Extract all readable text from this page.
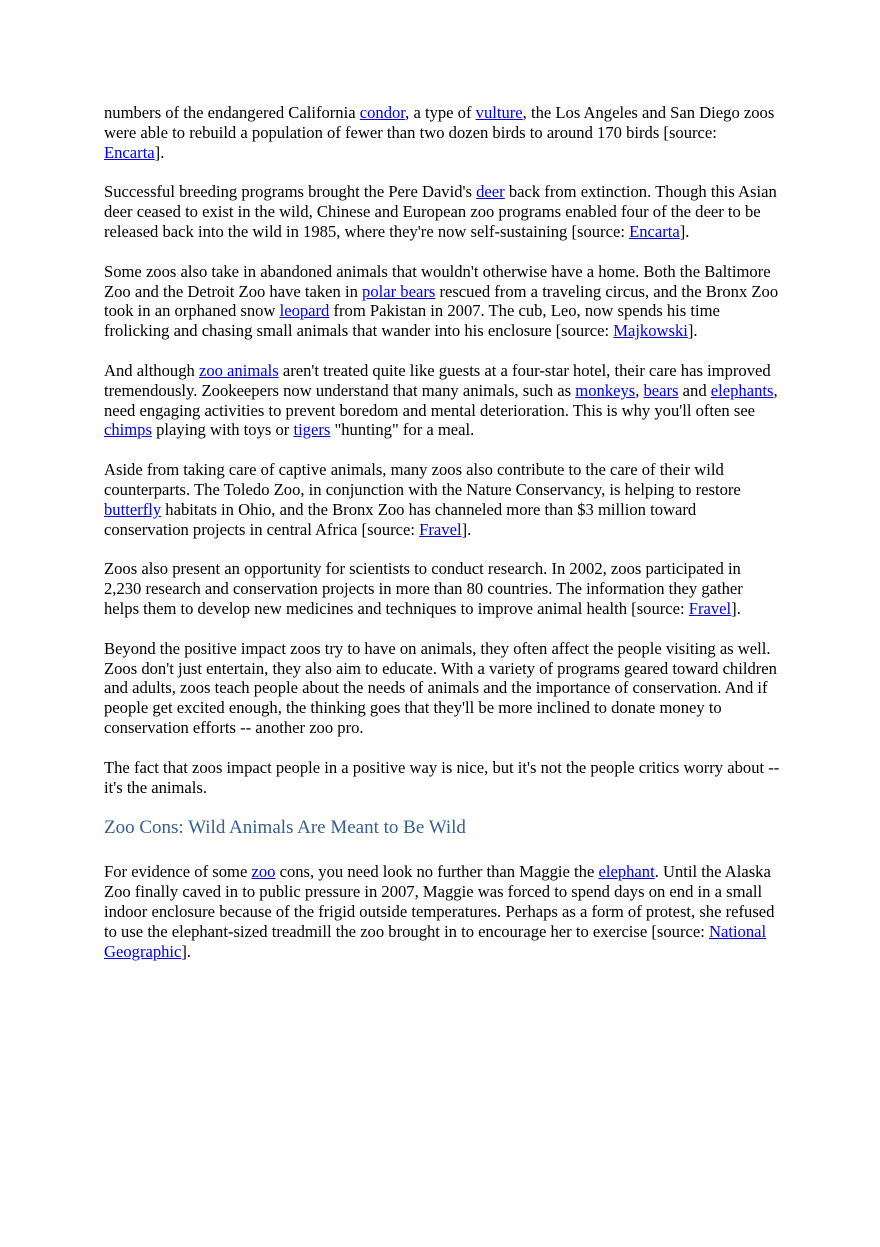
numbers of the endangered California condor, a type of vulture, the Los Angeles and San Diego zoos were able to rebuild a population of fewer than two dozen birds to around 170 birds [source: Encarta].

Successful breeding programs brought the Pere David's deer back from extinction. Though this Asian deer ceased to exist in the wild, Chinese and European zoo programs enabled four of the deer to be released back into the wild in 1985, where they're now self-sustaining [source: Encarta].

Some zoos also take in abandoned animals that wouldn't otherwise have a home. Both the Baltimore Zoo and the Detroit Zoo have taken in polar bears rescued from a traveling circus, and the Bronx Zoo took in an orphaned snow leopard from Pakistan in 2007. The cub, Leo, now spends his time frolicking and chasing small animals that wander into his enclosure [source: Majkowski].

And although zoo animals aren't treated quite like guests at a four-star hotel, their care has improved tremendously. Zookeepers now understand that many animals, such as monkeys, bears and elephants, need engaging activities to prevent boredom and mental deterioration. This is why you'll often see chimps playing with toys or tigers "hunting" for a meal.

Aside from taking care of captive animals, many zoos also contribute to the care of their wild counterparts. The Toledo Zoo, in conjunction with the Nature Conservancy, is helping to restore butterfly habitats in Ohio, and the Bronx Zoo has channeled more than $3 million toward conservation projects in central Africa [source: Fravel].

Zoos also present an opportunity for scientists to conduct research. In 2002, zoos participated in 2,230 research and conservation projects in more than 80 countries. The information they gather helps them to develop new medicines and techniques to improve animal health [source: Fravel].

Beyond the positive impact zoos try to have on animals, they often affect the people visiting as well. Zoos don't just entertain, they also aim to educate. With a variety of programs geared toward children and adults, zoos teach people about the needs of animals and the importance of conservation. And if people get excited enough, the thinking goes that they'll be more inclined to donate money to conservation efforts -- another zoo pro.

The fact that zoos impact people in a positive way is nice, but it's not the people critics worry about -- it's the animals.

Zoo Cons: Wild Animals Are Meant to Be Wild

For evidence of some zoo cons, you need look no further than Maggie the elephant. Until the Alaska Zoo finally caved in to public pressure in 2007, Maggie was forced to spend days on end in a small indoor enclosure because of the frigid outside temperatures. Perhaps as a form of protest, she refused to use the elephant-sized treadmill the zoo brought in to encourage her to exercise [source: National Geographic].
